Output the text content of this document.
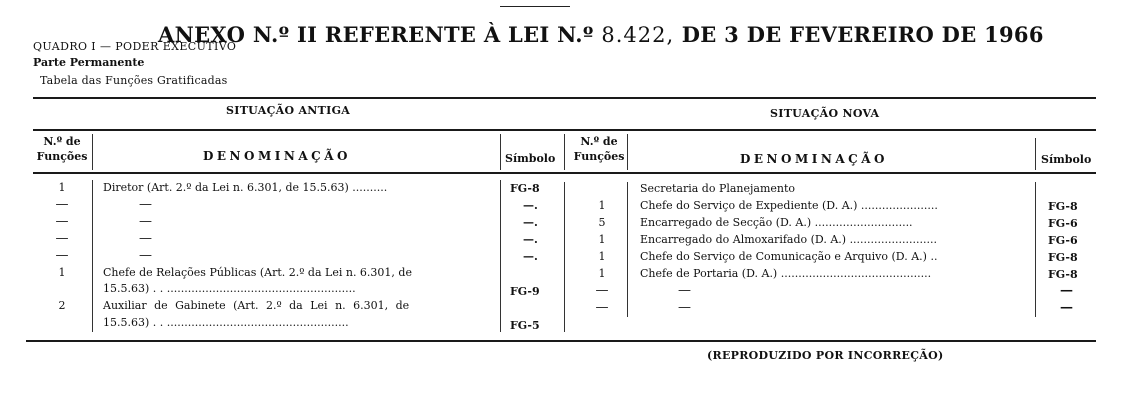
ANEXO N.º II REFERENTE À LEI N.º 8.422, DE 3 DE FEVEREIRO DE 1966
QUADRO I — PODER EXECUTIVO
Parte Permanente
Tabela das Funções Gratificadas
SITUAÇÃO ANTIGA	SITUAÇÃO NOVA
N.º de
Funções	DENOMINAÇÃO	Símbolo
N.º de
Funções	DENOMINAÇÃO	Símbolo
1	Diretor (Art. 2.º da Lei n. 6.301, de 15.5.63) ..........	FG-8
—	—	—.
—	—	—.
—	—	—.
—	—	—.
1	Chefe de Relações Públicas (Art. 2.º da Lei n. 6.301, de
15.5.63) . . ......................................................	FG-9
2	Auxiliar de Gabinete (Art. 2.º da Lei n. 6.301, de
15.5.63) . . ....................................................	FG-5
Secretaria do Planejamento
1	Chefe do Serviço de Expediente (D. A.) ......................	FG-8
5	Encarregado de Secção (D. A.) ............................	FG-6
1	Encarregado do Almoxarifado (D. A.) .........................	FG-6
1	Chefe do Serviço de Comunicação e Arquivo (D. A.) ..	FG-8
1	Chefe de Portaria (D. A.) ...........................................	FG-8
—	—	—
—	—	—
(REPRODUZIDO POR INCORREÇÃO)
